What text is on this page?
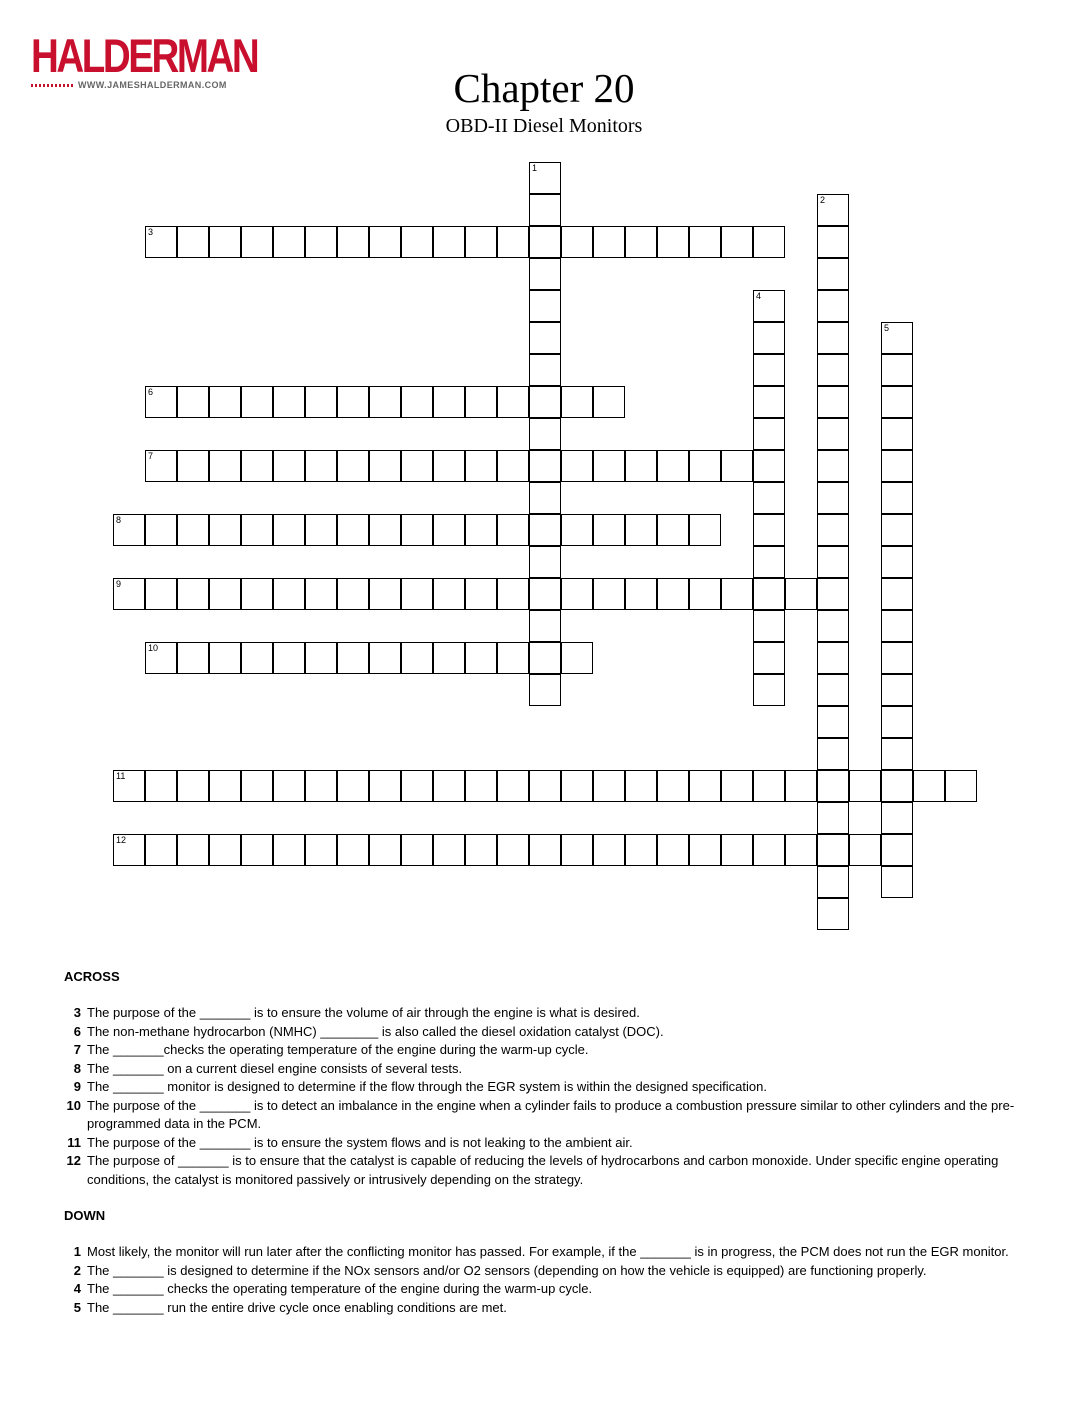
HALDERMAN
WWW.JAMESHALDERMAN.COM	Chapter 20
OBD-II Diesel Monitors
1
2
3
4
5
6
7
8
9
10
11
12
ACROSS
3 The purpose of the _______ is to ensure the volume of air through the engine is what is desired.
6 The non-methane hydrocarbon (NMHC) ________ is also called the diesel oxidation catalyst (DOC).
7 The _______checks the operating temperature of the engine during the warm-up cycle.
8 The _______ on a current diesel engine consists of several tests.
9 The _______ monitor is designed to determine if the flow through the EGR system is within the designed specification.
10 The purpose of the _______ is to detect an imbalance in the engine when a cylinder fails to produce a combustion pressure similar to other cylinders and the pre-programmed data in the PCM.
11 The purpose of the _______ is to ensure the system flows and is not leaking to the ambient air.
12 The purpose of _______ is to ensure that the catalyst is capable of reducing the levels of hydrocarbons and carbon monoxide. Under specific engine operating conditions, the catalyst is monitored passively or intrusively depending on the strategy.
DOWN
1 Most likely, the monitor will run later after the conflicting monitor has passed. For example, if the _______ is in progress, the PCM does not run the EGR monitor.
2 The _______ is designed to determine if the NOx sensors and/or O2 sensors (depending on how the vehicle is equipped) are functioning properly.
4 The _______ checks the operating temperature of the engine during the warm-up cycle.
5 The _______ run the entire drive cycle once enabling conditions are met.
